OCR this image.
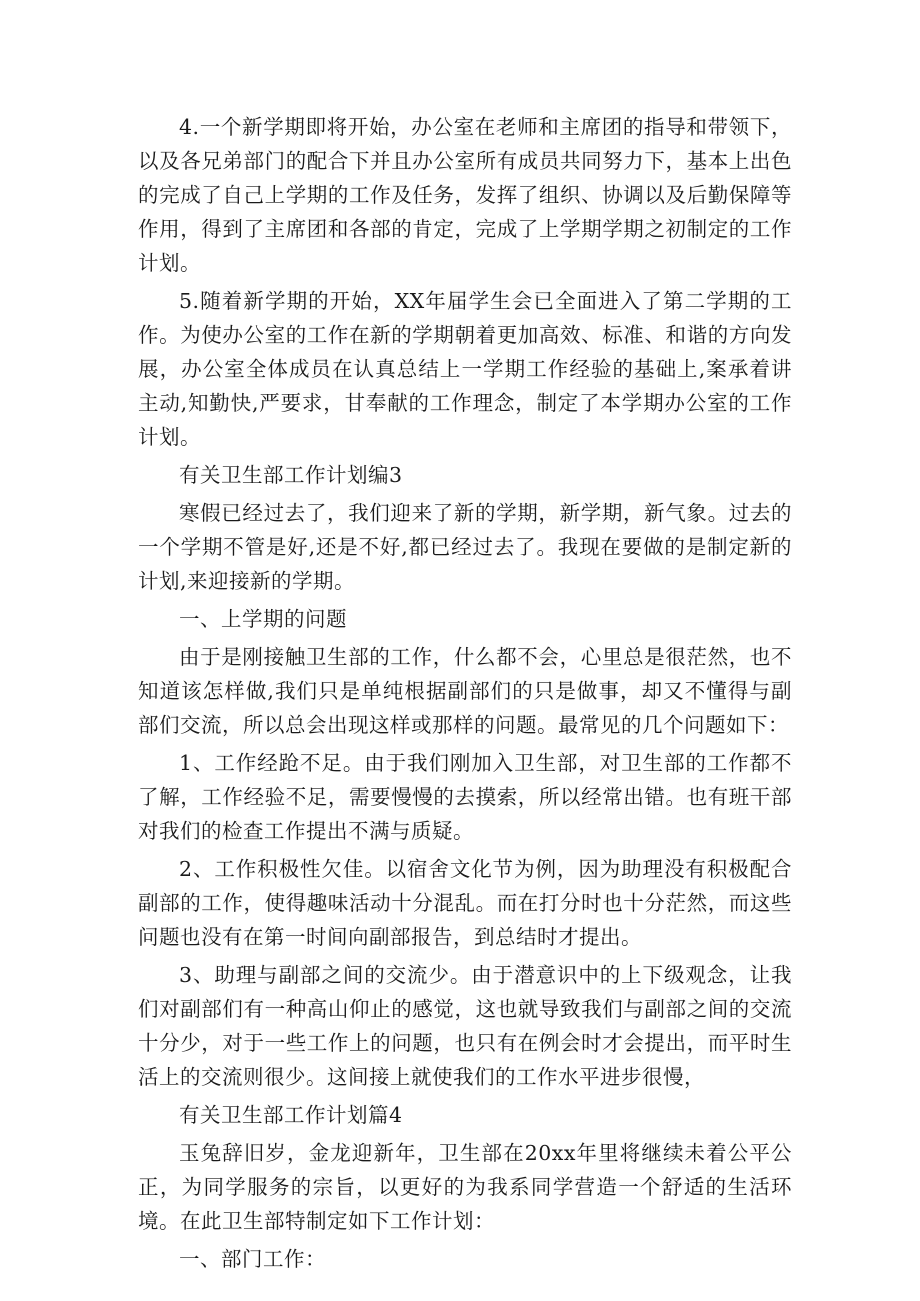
4.一个新学期即将开始，办公室在老师和主席团的指导和带领下，以及各兄弟部门的配合下并且办公室所有成员共同努力下，基本上出色的完成了自己上学期的工作及任务，发挥了组织、协调以及后勤保障等作用，得到了主席团和各部的肯定，完成了上学期学期之初制定的工作计划。

5.随着新学期的开始，XX年届学生会已全面进入了第二学期的工作。为使办公室的工作在新的学期朝着更加高效、标准、和谐的方向发展，办公室全体成员在认真总结上一学期工作经验的基础上,案承着讲主动,知勤快,严要求，甘奉献的工作理念，制定了本学期办公室的工作计划。

有关卫生部工作计划编3

寒假已经过去了，我们迎来了新的学期，新学期，新气象。过去的一个学期不管是好,还是不好,都已经过去了。我现在要做的是制定新的计划,来迎接新的学期。

一、上学期的问题

由于是刚接触卫生部的工作，什么都不会，心里总是很茫然，也不知道该怎样做,我们只是单纯根据副部们的只是做事，却又不懂得与副部们交流，所以总会出现这样或那样的问题。最常见的几个问题如下：

1、工作经跄不足。由于我们刚加入卫生部，对卫生部的工作都不了解，工作经验不足，需要慢慢的去摸索，所以经常出错。也有班干部对我们的检查工作提出不满与质疑。

2、工作积极性欠佳。以宿舍文化节为例，因为助理没有积极配合副部的工作，使得趣味活动十分混乱。而在打分时也十分茫然，而这些问题也没有在第一时间向副部报告，到总结时才提出。

3、助理与副部之间的交流少。由于潜意识中的上下级观念，让我们对副部们有一种高山仰止的感觉，这也就导致我们与副部之间的交流十分少，对于一些工作上的问题，也只有在例会时才会提出，而平时生活上的交流则很少。这间接上就使我们的工作水平进步很慢，

有关卫生部工作计划篇4

玉兔辞旧岁，金龙迎新年，卫生部在20xx年里将继续未着公平公正，为同学服务的宗旨，以更好的为我系同学营造一个舒适的生活环境。在此卫生部特制定如下工作计划：

一、部门工作：
